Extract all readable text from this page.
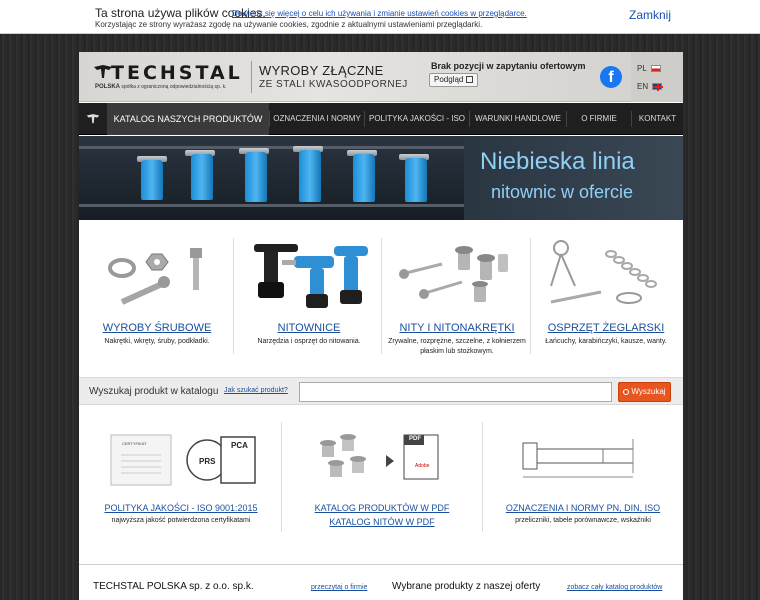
Ta strona używa plików cookies.
Dowiedz się więcej o celu ich używania i zmianie ustawień cookies w przeglądarce.
Korzystając ze strony wyrażasz zgodę na używanie cookies, zgodnie z aktualnymi ustawieniami przeglądarki.
Zamknij
TECHSTAL
POLSKA spółka z ograniczoną odpowiedzialnością sp. k.
WYROBY ZŁĄCZNE
ZE STALI KWASOODPORNEJ
Brak pozycji w zapytaniu ofertowym
Podgląd	f
PL
EN
KATALOG NASZYCH PRODUKTÓW	OZNACZENIA I NORMY	POLITYKA JAKOŚCI - ISO	WARUNKI HANDLOWE	O FIRMIE	KONTAKT
Niebieska linia
nitownic w ofercie
WYROBY ŚRUBOWE
Nakrętki, wkręty, śruby, podkładki.
NITOWNICE
Narzędzia i osprzęt do nitowania.
NITY I NITONAKRĘTKI
Zrywalne, rozprężne, szczelne, z kołnierzem płaskim lub stożkowym.
OSPRZĘT ŻEGLARSKI
Łańcuchy, karabińczyki, kausze, wanty.
Wyszukaj produkt w katalogu Jak szukać produkt?	Wyszukaj
CERTYFIKAT
PRS
PCA
POLITYKA JAKOŚCI - ISO 9001:2015
najwyższa jakość potwierdzona certyfikatami
PDF
Adobe
KATALOG PRODUKTÓW W PDF
KATALOG NITÓW W PDF
OZNACZENIA I NORMY PN, DIN, ISO
przeliczniki, tabele porównawcze, wskaźniki
TECHSTAL POLSKA sp. z o.o. sp.k.	przeczytaj o firmie Wybrane produkty z naszej oferty	zobacz cały katalog produktów
